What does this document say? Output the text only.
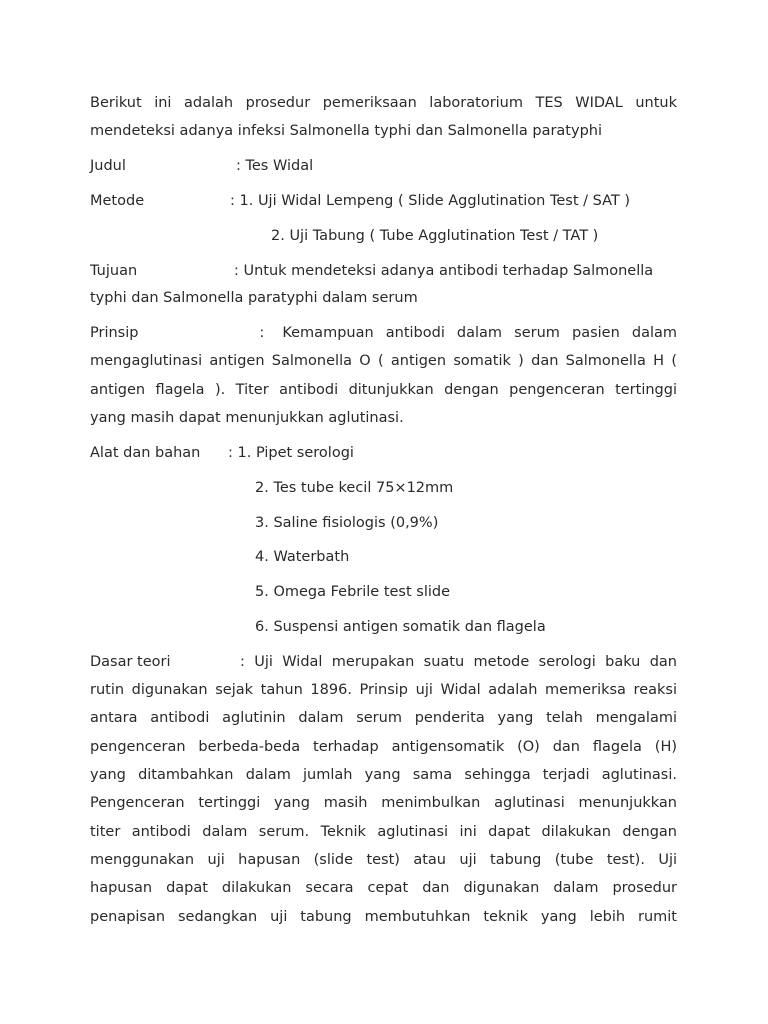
Berikut ini adalah prosedur pemeriksaan laboratorium TES WIDAL untuk
mendeteksi adanya infeksi Salmonella typhi dan Salmonella paratyphi
Judul	: Tes Widal
Metode	: 1. Uji Widal Lempeng ( Slide Agglutination Test / SAT )
2. Uji Tabung ( Tube Agglutination Test / TAT )
Tujuan	: Untuk mendeteksi adanya antibodi terhadap Salmonella
typhi dan Salmonella paratyphi dalam serum
Prinsip                    :   Kemampuan  antibodi  dalam  serum  pasien  dalam
mengaglutinasi antigen Salmonella O ( antigen somatik ) dan Salmonella H (
antigen  flagela  ).  Titer  antibodi  ditunjukkan  dengan  pengenceran  tertinggi
yang masih dapat menunjukkan aglutinasi.
Alat dan bahan : 1. Pipet serologi
2. Tes tube kecil 75×12mm
3. Saline fisiologis (0,9%)
4. Waterbath
5. Omega Febrile test slide
6. Suspensi antigen somatik dan flagela
Dasar teori	: Uji Widal merupakan suatu metode serologi baku dan
rutin digunakan sejak tahun 1896. Prinsip uji Widal adalah memeriksa reaksi
antara antibodi aglutinin dalam serum penderita yang telah mengalami
pengenceran berbeda-beda terhadap antigensomatik (O) dan flagela (H)
yang ditambahkan dalam jumlah yang sama sehingga terjadi aglutinasi.
Pengenceran tertinggi yang masih menimbulkan aglutinasi menunjukkan
titer antibodi dalam serum. Teknik aglutinasi ini dapat dilakukan dengan
menggunakan uji hapusan (slide test) atau uji tabung (tube test). Uji
hapusan dapat dilakukan secara cepat dan digunakan dalam prosedur
penapisan sedangkan uji tabung membutuhkan teknik yang lebih rumit
